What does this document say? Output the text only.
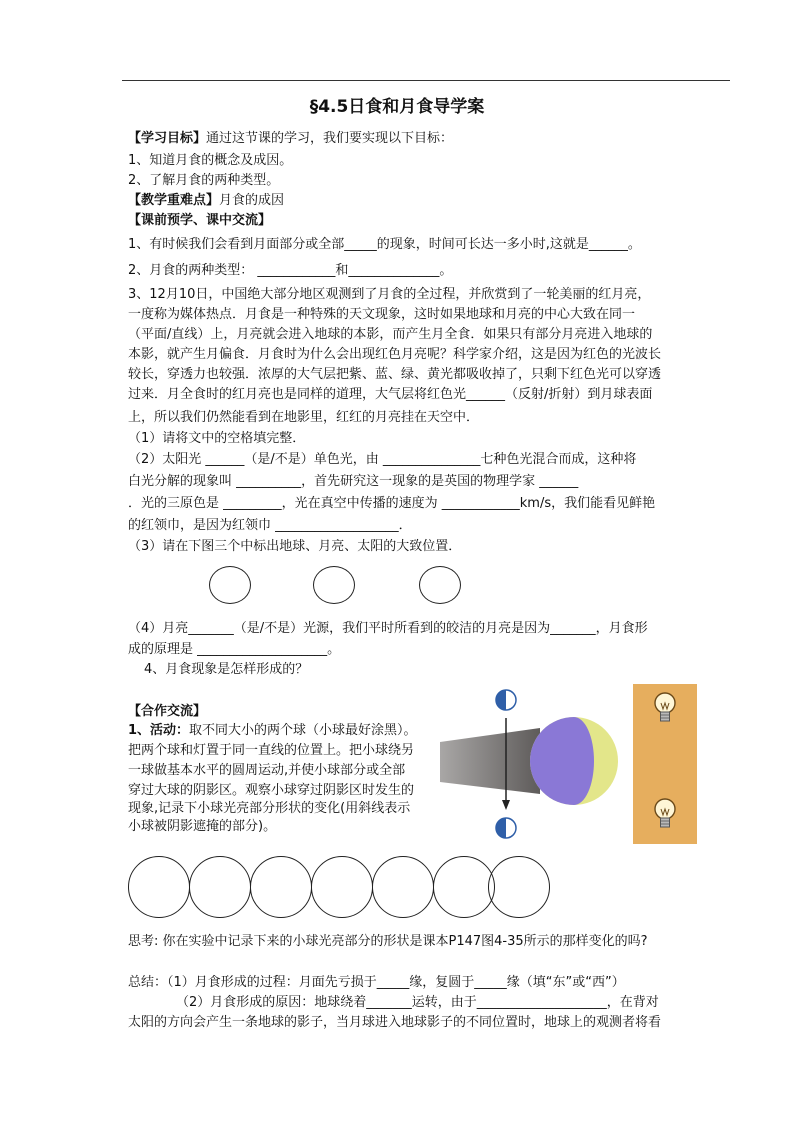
§4.5日食和月食导学案
【学习目标】通过这节课的学习，我们要实现以下目标：
1、知道月食的概念及成因。
2、了解月食的两种类型。
【教学重难点】月食的成因
【课前预学、课中交流】
1、有时候我们会看到月面部分或全部_____的现象，时间可长达一多小时,这就是______。
2、月食的两种类型： ____________和______________。
3、12月10日，中国绝大部分地区观测到了月食的全过程，并欣赏到了一轮美丽的红月亮，
一度称为媒体热点．月食是一种特殊的天文现象，这时如果地球和月亮的中心大致在同一
（平面/直线）上，月亮就会进入地球的本影，而产生月全食．如果只有部分月亮进入地球的
本影，就产生月偏食．月食时为什么会出现红色月亮呢？科学家介绍，这是因为红色的光波长
较长，穿透力也较强．浓厚的大气层把紫、蓝、绿、黄光都吸收掉了，只剩下红色光可以穿透
过来．月全食时的红月亮也是同样的道理，大气层将红色光______（反射/折射）到月球表面
上，所以我们仍然能看到在地影里，红红的月亮挂在天空中．
（1）请将文中的空格填完整．
（2）太阳光 ______（是/不是）单色光，由 _______________七种色光混合而成，这种将
白光分解的现象叫 __________，首先研究这一现象的是英国的物理学家 ______
．光的三原色是 _________，光在真空中传播的速度为 ____________km/s，我们能看见鲜艳
的红领巾，是因为红领巾 ___________________．
（3）请在下图三个中标出地球、月亮、太阳的大致位置．
（4）月亮_______（是/不是）光源，我们平时所看到的皎洁的月亮是因为_______，月食形
成的原理是 ____________________。
4、月食现象是怎样形成的？
【合作交流】
1、活动：取不同大小的两个球（小球最好涂黑）。
把两个球和灯置于同一直线的位置上。把小球绕另
一球做基本水平的圆周运动,并使小球部分或全部
穿过大球的阴影区。观察小球穿过阴影区时发生的
现象,记录下小球光亮部分形状的变化(用斜线表示
小球被阴影遮掩的部分)。
思考: 你在实验中记录下来的小球光亮部分的形状是课本P147图4-35所示的那样变化的吗?
总结：（1）月食形成的过程：月面先亏损于_____缘，复圆于_____缘（填“东”或“西”）
（2）月食形成的原因：地球绕着_______运转，由于____________________，在背对
太阳的方向会产生一条地球的影子，当月球进入地球影子的不同位置时，地球上的观测者将看
